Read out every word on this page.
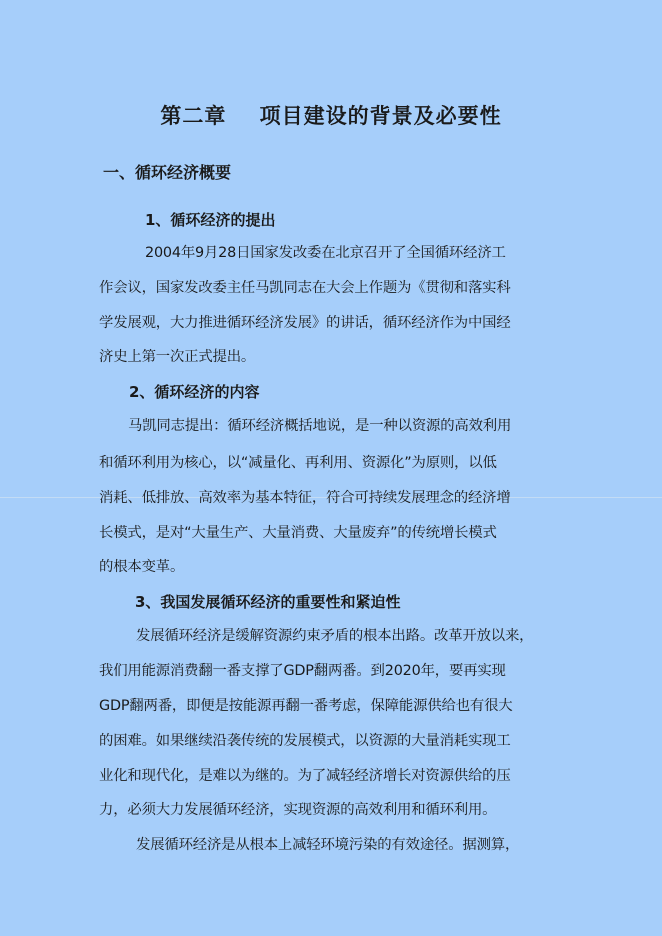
第二章    项目建设的背景及必要性
一、循环经济概要
1、循环经济的提出
2004年9月28日国家发改委在北京召开了全国循环经济工
作会议，国家发改委主任马凯同志在大会上作题为《贯彻和落实科
学发展观，大力推进循环经济发展》的讲话，循环经济作为中国经
济史上第一次正式提出。
2、循环经济的内容
马凯同志提出：循环经济概括地说，是一种以资源的高效利用
和循环利用为核心，以“减量化、再利用、资源化”为原则，以低
消耗、低排放、高效率为基本特征，符合可持续发展理念的经济增
长模式，是对“大量生产、大量消费、大量废弃”的传统增长模式
的根本变革。
3、我国发展循环经济的重要性和紧迫性
发展循环经济是缓解资源约束矛盾的根本出路。改革开放以来，
我们用能源消费翻一番支撑了GDP翻两番。到2020年，要再实现
GDP翻两番，即便是按能源再翻一番考虑，保障能源供给也有很大
的困难。如果继续沿袭传统的发展模式，以资源的大量消耗实现工
业化和现代化，是难以为继的。为了减轻经济增长对资源供给的压
力，必须大力发展循环经济，实现资源的高效利用和循环利用。
发展循环经济是从根本上减轻环境污染的有效途径。据测算，
